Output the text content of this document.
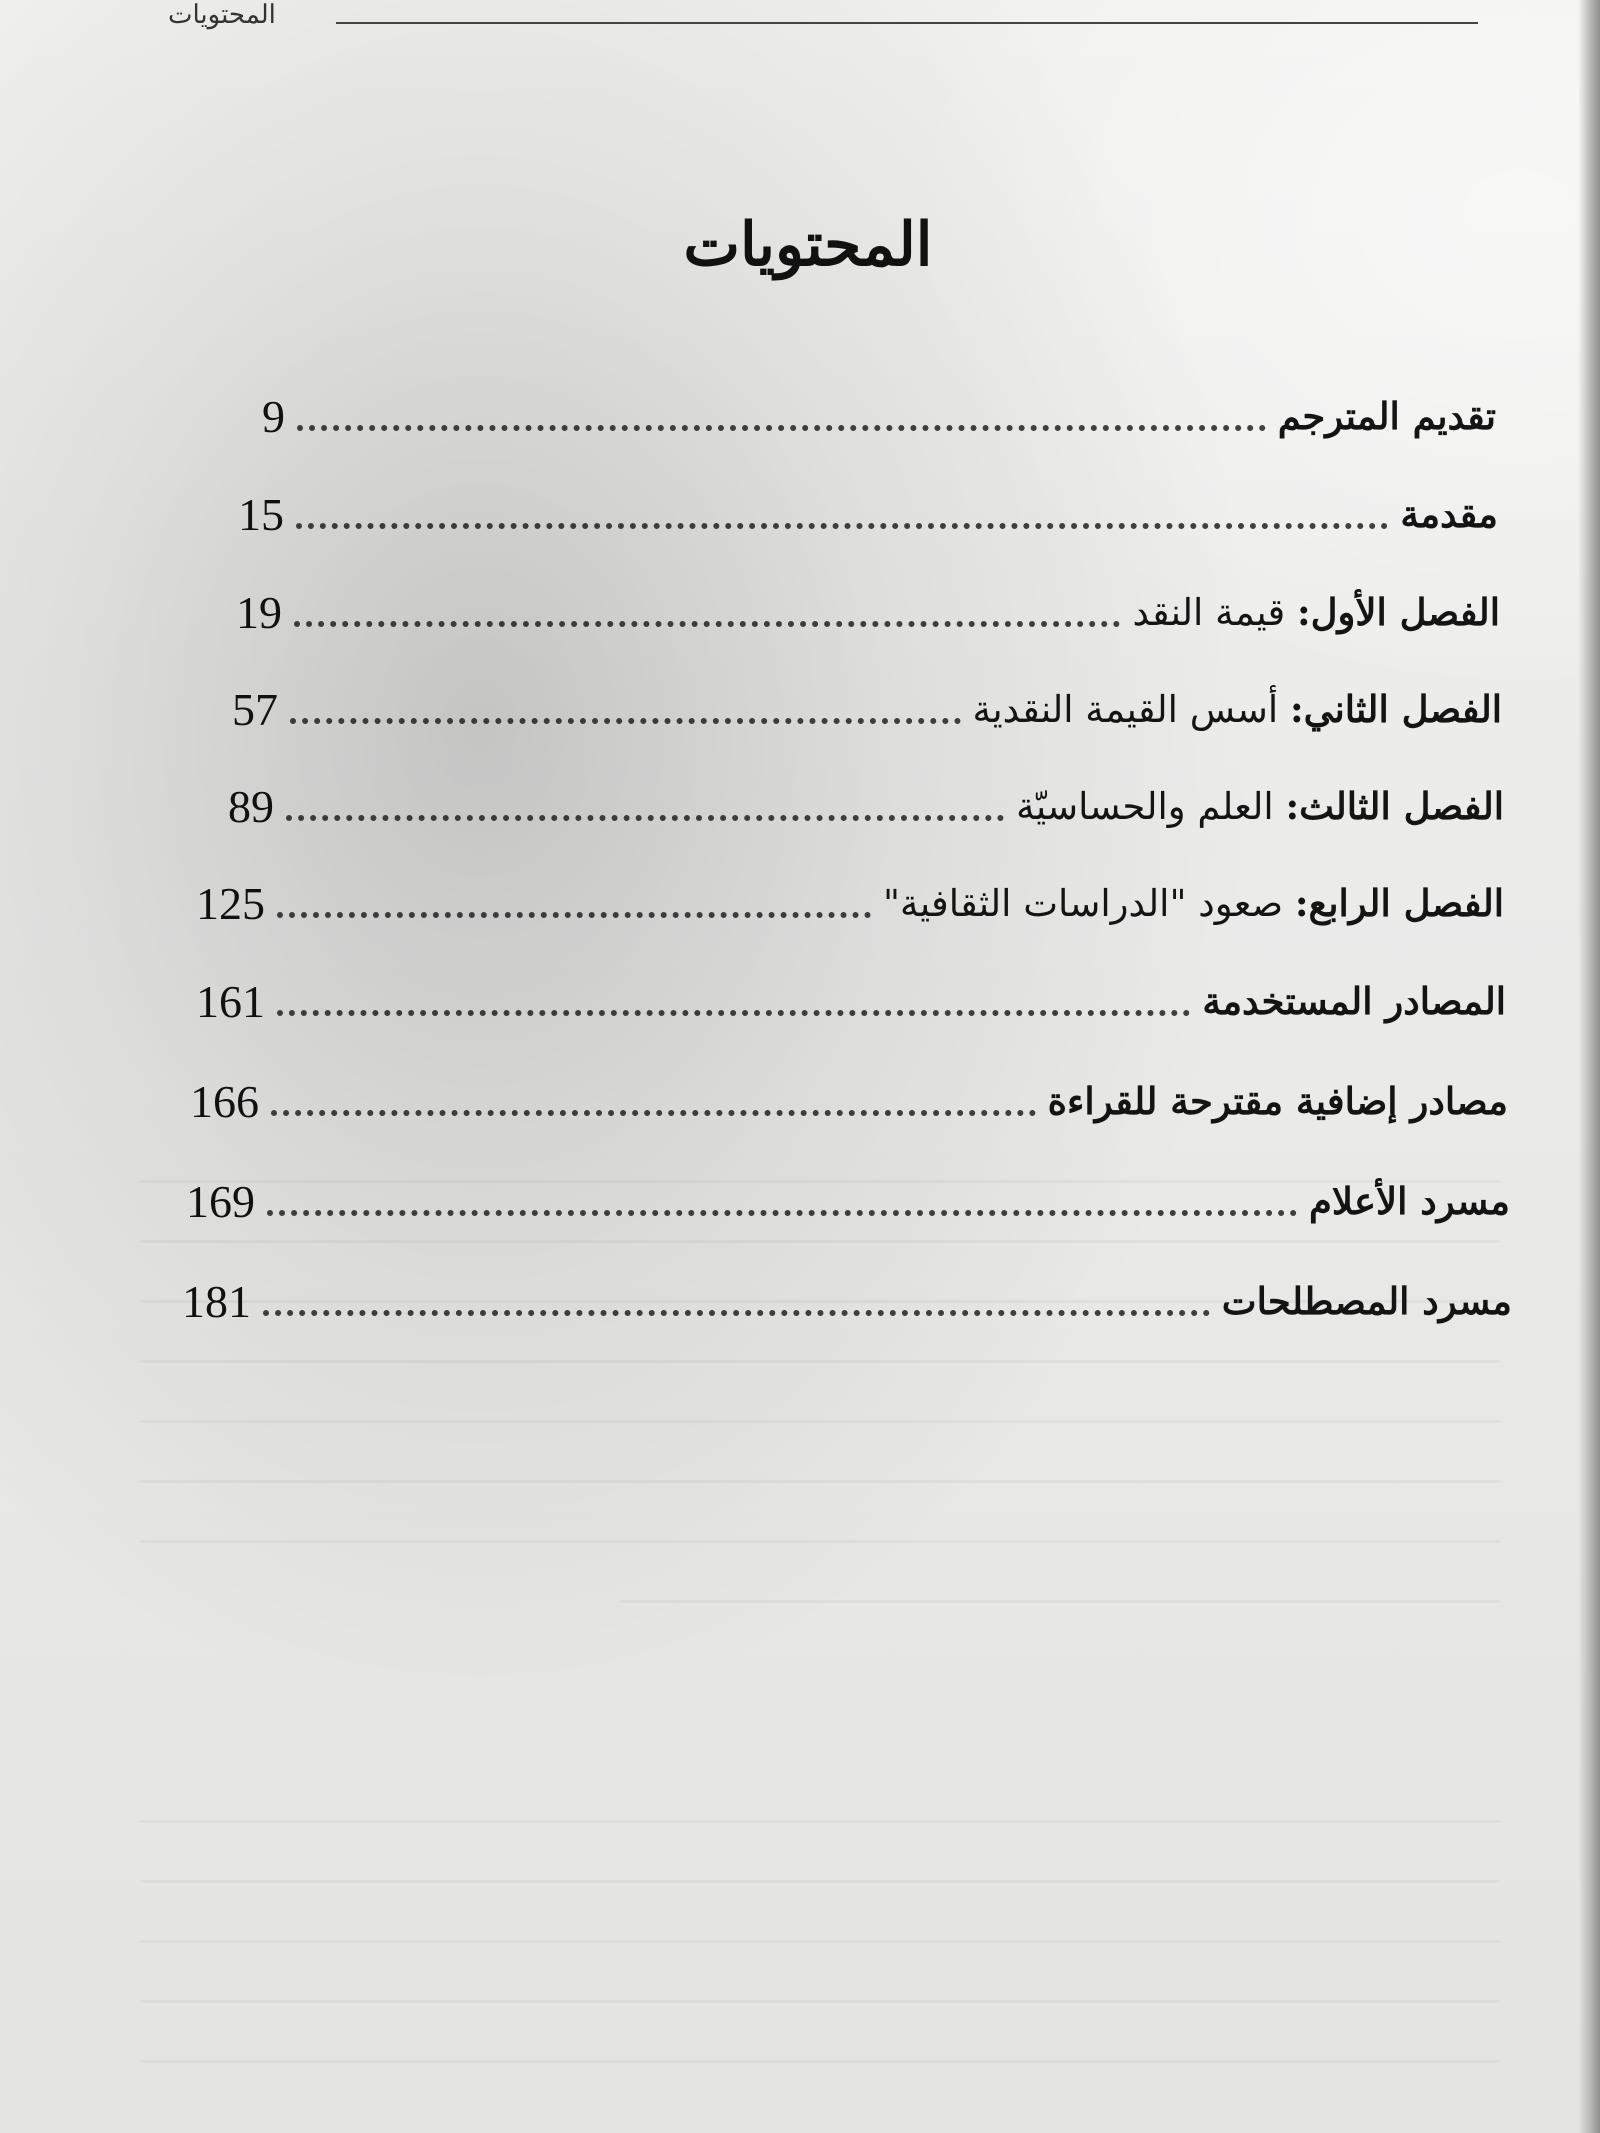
المحتويات
المحتويات
تقديم المترجم
9
مقدمة
15
الفصل الأول: قيمة النقد
19
الفصل الثاني: أسس القيمة النقدية
57
الفصل الثالث: العلم والحساسيّة
89
الفصل الرابع: صعود "الدراسات الثقافية"
125
المصادر المستخدمة
161
مصادر إضافية مقترحة للقراءة
166
مسرد الأعلام
169
مسرد المصطلحات
181
